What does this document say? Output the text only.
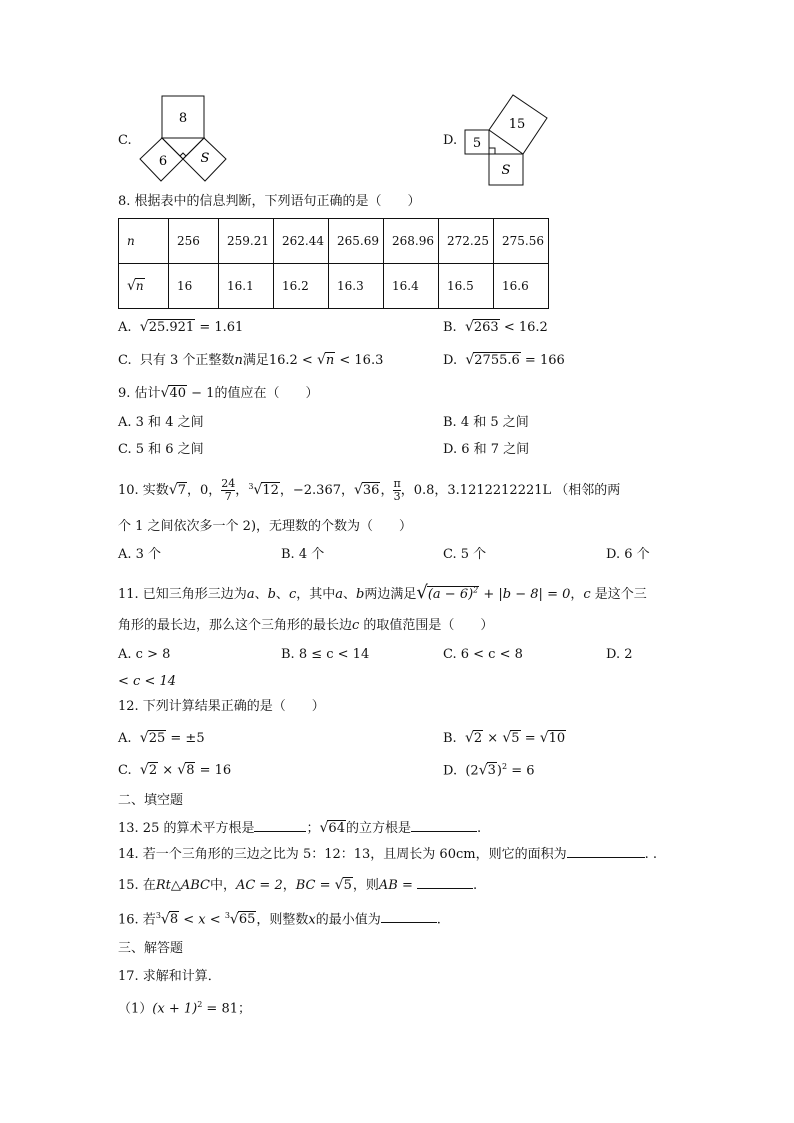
C.
8
6	S
D. 5
15
S
8. 根据表中的信息判断，下列语句正确的是（　　）
n	256	259.21	262.44	265.69	268.96	272.25	275.56
√n	16	16.1	16.2	16.3	16.4	16.5	16.6
A. √25.921 = 1.61	B. √263 < 16.2
C. 只有 3 个正整数n满足16.2 < √n < 16.3	D. √2755.6 = 166
9. 估计√40 − 1的值应在（　　）
A. 3 和 4 之间	B. 4 和 5 之间
C. 5 和 6 之间	D. 6 和 7 之间
10. 实数√7，0， $\frac{24}{7}$ ，$^3$√12，−2.367，√36， $\frac{\pi}{3}$ ，0.8，3.1212212221L （相邻的两
个 1 之间依次多一个 2)，无理数的个数为（　　）
A. 3 个	B. 4 个	C. 5 个	D. 6 个
11. 已知三角形三边为a、b、c，其中a、b两边满足$√(a - 6)^2 + |b - 8| = 0$，c 是这个三
角形的最长边，那么这个三角形的最长边c 的取值范围是（　　）
A. c > 8	B. 8 ≤ c < 14	C. 6 < c < 8	D. 2
< c < 14
12. 下列计算结果正确的是（　　）
A. √25 = ±5	B. √2 × √5 = √10
C. √2 × √8 = 16	D. $(2√3)^2 = 6$
二、填空题
13. 25 的算术平方根是	；√64的立方根是	.
14. 若一个三角形的三边之比为 5：12：13，且周长为 60cm，则它的面积为	. .
15. 在Rt△ABC中，AC = 2，BC = √5，则AB =	.
16. 若$^3$√8 < x < $^3$√65，则整数x的最小值为	.
三、解答题
17. 求解和计算．
$(1)(x + 1)^2 = 81$；
